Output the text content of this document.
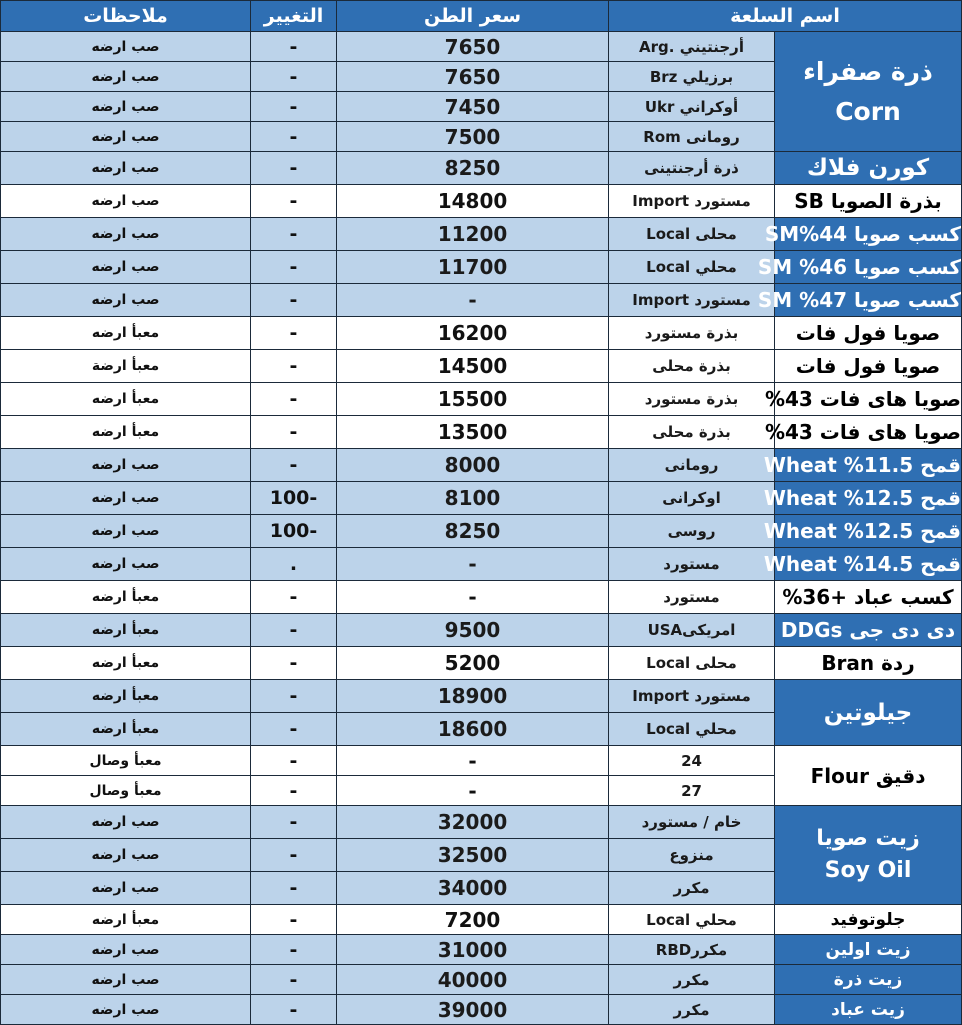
اسم السلعة		سعر الطن	التغيير	ملاحظات

ذرة صفراء
Corn	أرجنتيني .Arg	7650	-	صب ارضه
	برزيلي Brz	7650	-	صب ارضه
	أوكراني Ukr	7450	-	صب ارضه
	رومانى Rom	7500	-	صب ارضه
كورن فلاك	ذرة أرجنتينى	8250	-	صب ارضه
بذرة الصويا SB	مستورد Import	14800	-	صب ارضه
كسب صويا 44%SM	محلى Local	11200	-	صب ارضه
كسب صويا 46% SM	محلي Local	11700	-	صب ارضه
كسب صويا 47% SM	مستورد Import	-	-	صب ارضه
صويا فول فات	بذرة مستورد	16200	-	معبأ ارضه
صويا فول فات	بذرة محلى	14500	-	معبأ ارضة
صويا هاى فات 43%	بذرة مستورد	15500	-	معبأ ارضه
صويا هاى فات 43%	بذرة محلى	13500	-	معبأ ارضه
قمح 11.5% Wheat	رومانى	8000	-	صب ارضه
قمح 12.5% Wheat	اوكرانى	8100	-100	صب ارضه
قمح 12.5% Wheat	روسى	8250	-100	صب ارضه
قمح 14.5% Wheat	مستورد	-	.	صب ارضه
كسب عباد +36%	مستورد	-	-	معبأ ارضه
دى دى جى DDGs	امريكىUSA	9500	-	معبأ ارضه
ردة Bran	محلى Local	5200	-	معبأ ارضه
جيلوتين	مستورد Import	18900	-	معبأ ارضه
	محلي Local	18600	-	معبأ ارضه
دقيق Flour	24	-	-	معبأ وصال
	27	-	-	معبأ وصال

زيت صويا
Soy Oil	خام / مستورد	32000	-	صب ارضه
	منزوع	32500	-	صب ارضه
	مكرر	34000	-	صب ارضه
جلوتوفيد	محلي Local	7200	-	معبأ ارضه
زيت اولين	مكررRBD	31000	-	صب ارضه
زيت ذرة	مكرر	40000	-	صب ارضه
زيت عباد	مكرر	39000	-	صب ارضه
